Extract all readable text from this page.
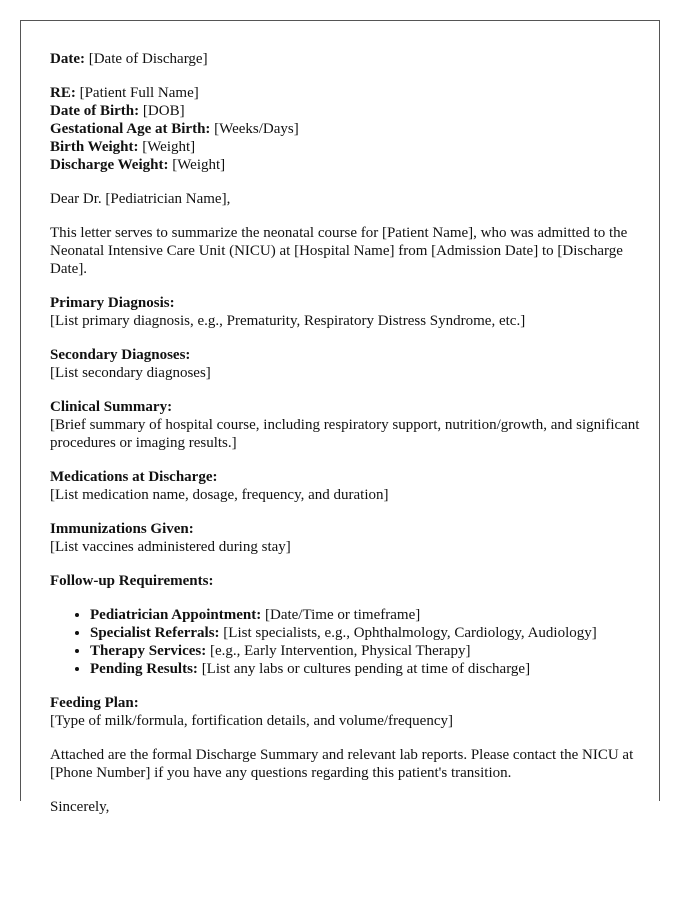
Date: [Date of Discharge]

RE: [Patient Full Name]
Date of Birth: [DOB]
Gestational Age at Birth: [Weeks/Days]
Birth Weight: [Weight]
Discharge Weight: [Weight]

Dear Dr. [Pediatrician Name],

This letter serves to summarize the neonatal course for [Patient Name], who was admitted to the Neonatal Intensive Care Unit (NICU) at [Hospital Name] from [Admission Date] to [Discharge Date].

Primary Diagnosis:
[List primary diagnosis, e.g., Prematurity, Respiratory Distress Syndrome, etc.]
Secondary Diagnoses:
[List secondary diagnoses]
Clinical Summary:
[Brief summary of hospital course, including respiratory support, nutrition/growth, and significant procedures or imaging results.]
Medications at Discharge:
[List medication name, dosage, frequency, and duration]
Immunizations Given:
[List vaccines administered during stay]

Follow-up Requirements:

• Pediatrician Appointment: [Date/Time or timeframe]
• Specialist Referrals: [List specialists, e.g., Ophthalmology, Cardiology, Audiology]
• Therapy Services: [e.g., Early Intervention, Physical Therapy]
• Pending Results: [List any labs or cultures pending at time of discharge]
Feeding Plan:
[Type of milk/formula, fortification details, and volume/frequency]

Attached are the formal Discharge Summary and relevant lab reports. Please contact the NICU at [Phone Number] if you have any questions regarding this patient's transition.

Sincerely,
